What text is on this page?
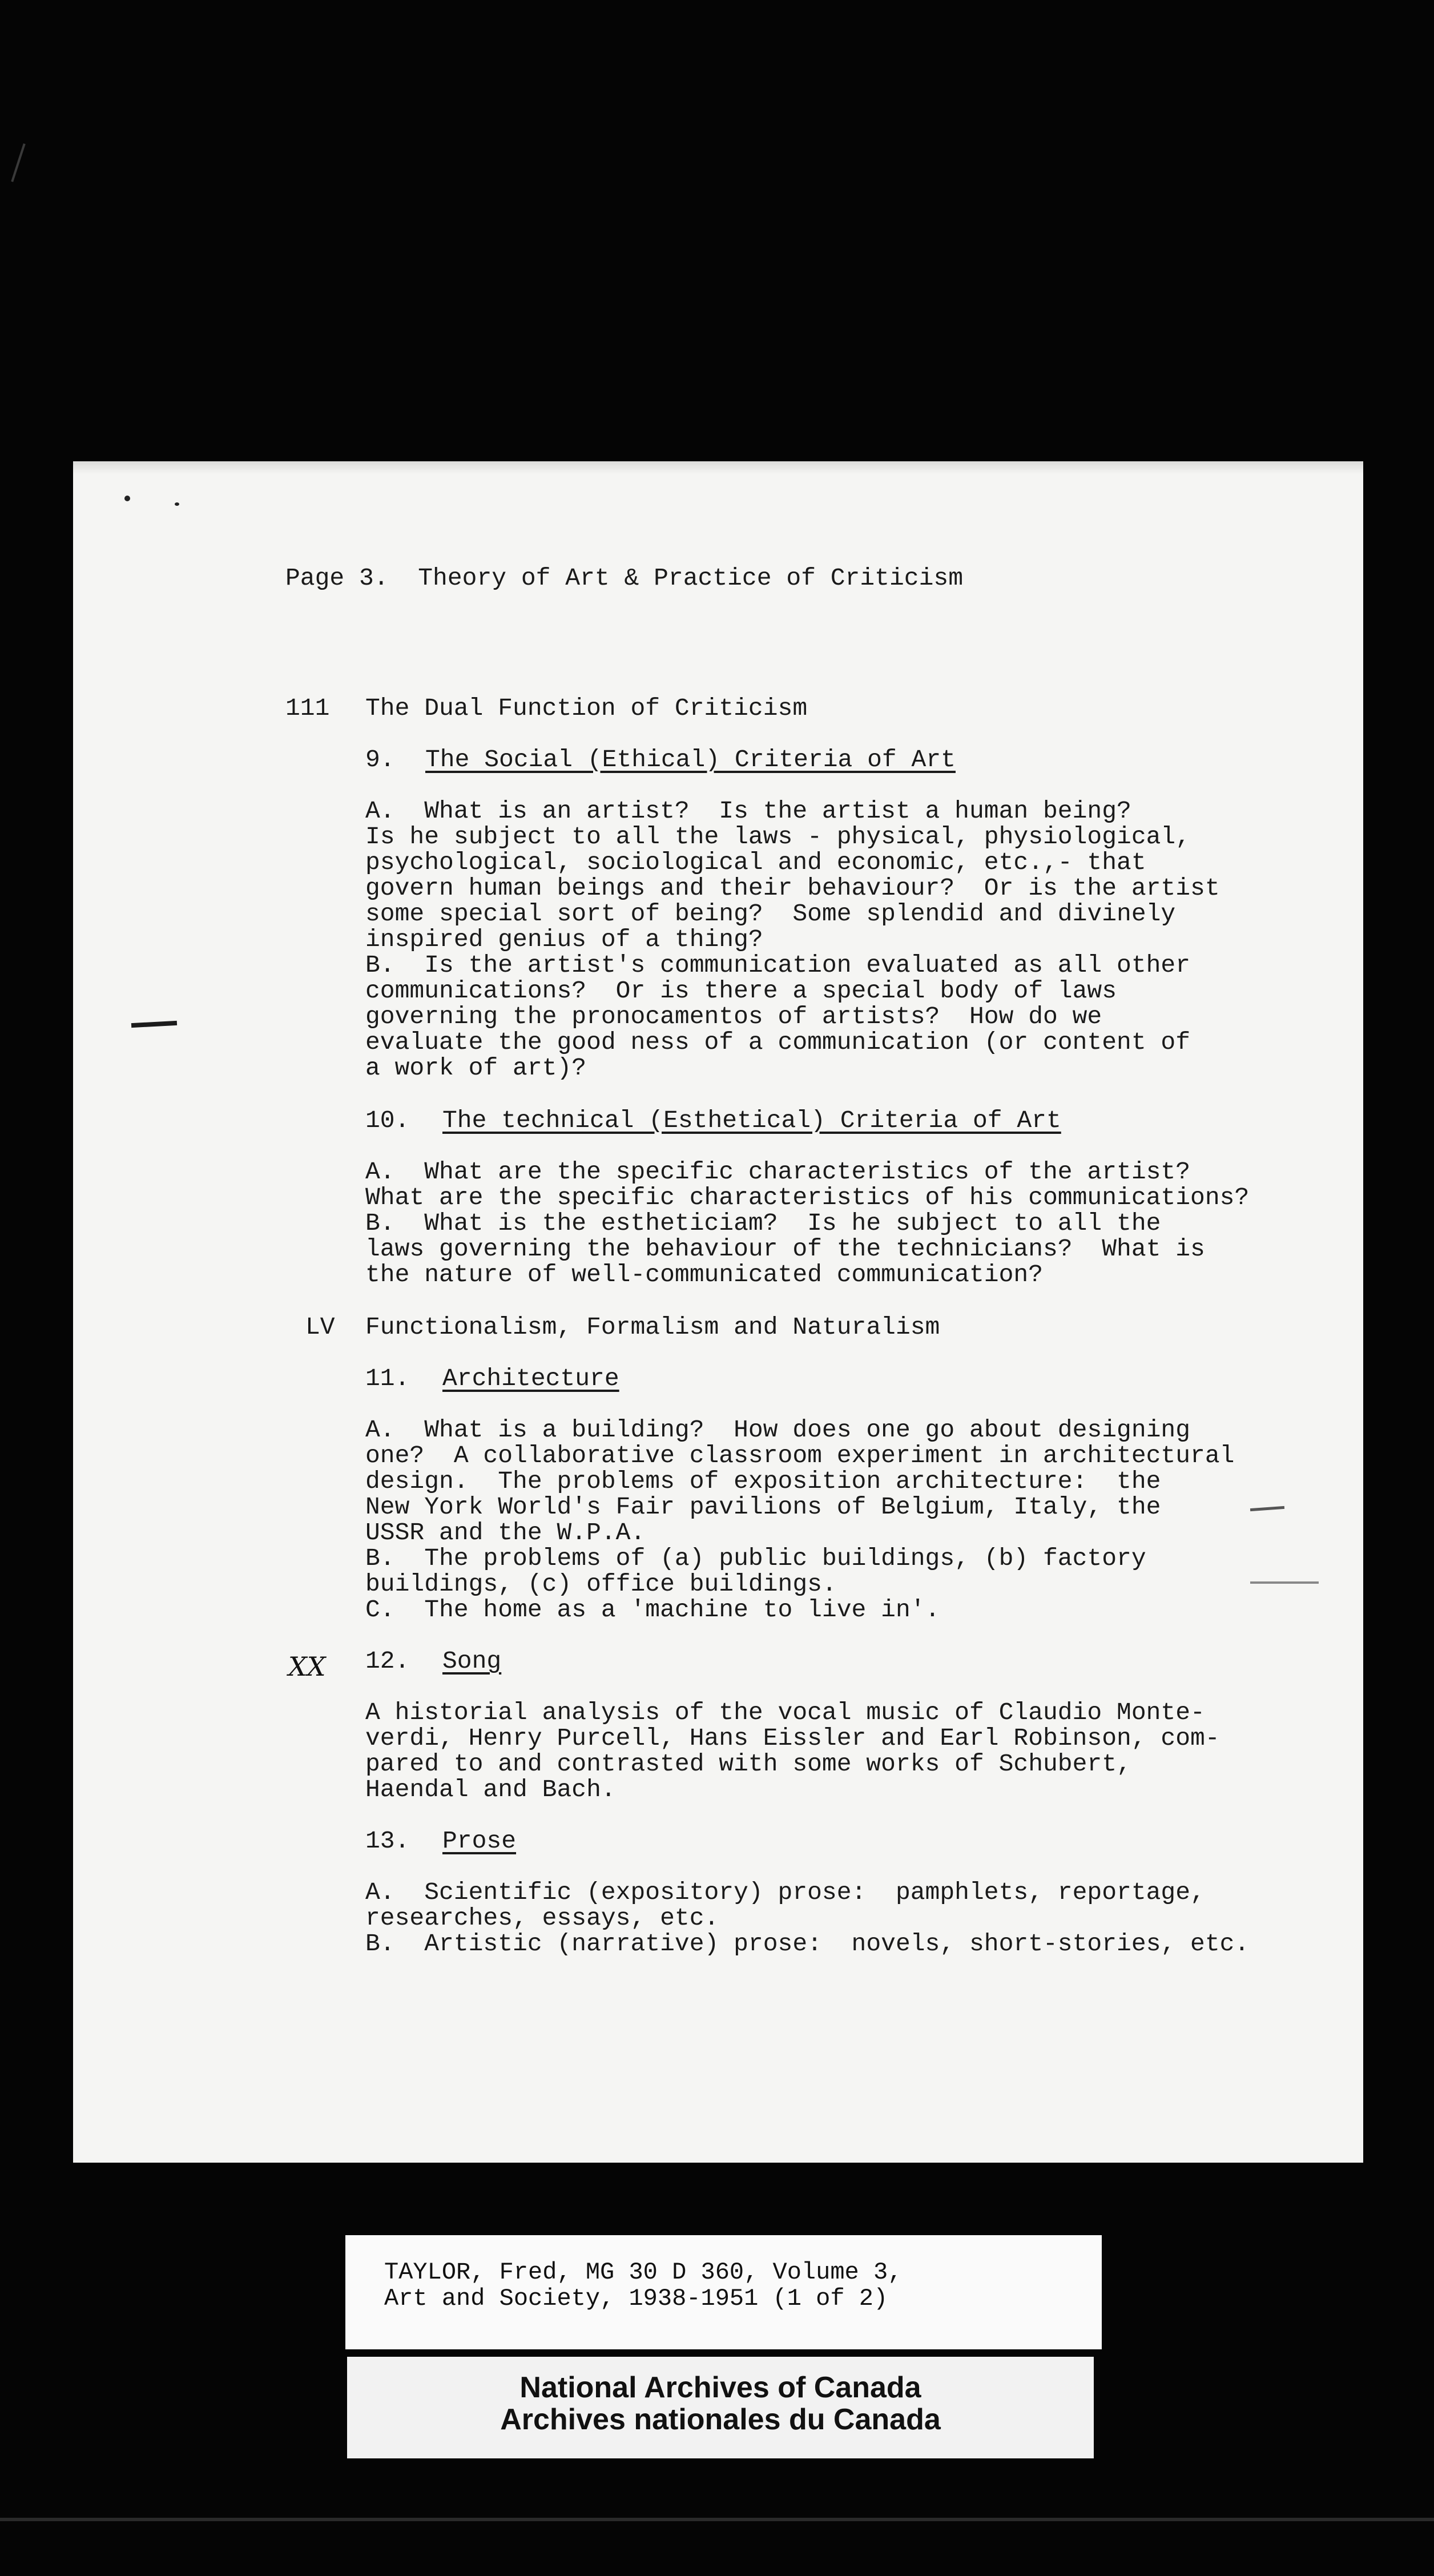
Page 3.  Theory of Art & Practice of Criticism

111

The Dual Function of Criticism

9.

The Social (Ethical) Criteria of Art

A.  What is an artist?  Is the artist a human being?

Is he subject to all the laws - physical, physiological,

psychological, sociological and economic, etc.,- that

govern human beings and their behaviour?  Or is the artist

some special sort of being?  Some splendid and divinely

inspired genius of a thing?

B.  Is the artist's communication evaluated as all other

communications?  Or is there a special body of laws

governing the pronocamentos of artists?  How do we

evaluate the good ness of a communication (or content of

a work of art)?

10.

The technical (Esthetical) Criteria of Art

A.  What are the specific characteristics of the artist?

What are the specific characteristics of his communications?

B.  What is the estheticiam?  Is he subject to all the

laws governing the behaviour of the technicians?  What is

the nature of well-communicated communication?

LV

Functionalism, Formalism and Naturalism

11.

Architecture

A.  What is a building?  How does one go about designing

one?  A collaborative classroom experiment in architectural

design.  The problems of exposition architecture:  the

New York World's Fair pavilions of Belgium, Italy, the

USSR and the W.P.A.

B.  The problems of (a) public buildings, (b) factory

buildings, (c) office buildings.

C.  The home as a 'machine to live in'.

12.

Song

A historial analysis of the vocal music of Claudio Monte-

verdi, Henry Purcell, Hans Eissler and Earl Robinson, com-

pared to and contrasted with some works of Schubert,

Haendal and Bach.

13.

Prose

A.  Scientific (expository) prose:  pamphlets, reportage,

researches, essays, etc.

B.  Artistic (narrative) prose:  novels, short-stories, etc.

XX
TAYLOR, Fred, MG 30 D 360, Volume 3,
Art and Society, 1938-1951 (1 of 2)
National Archives of Canada
Archives nationales du Canada
